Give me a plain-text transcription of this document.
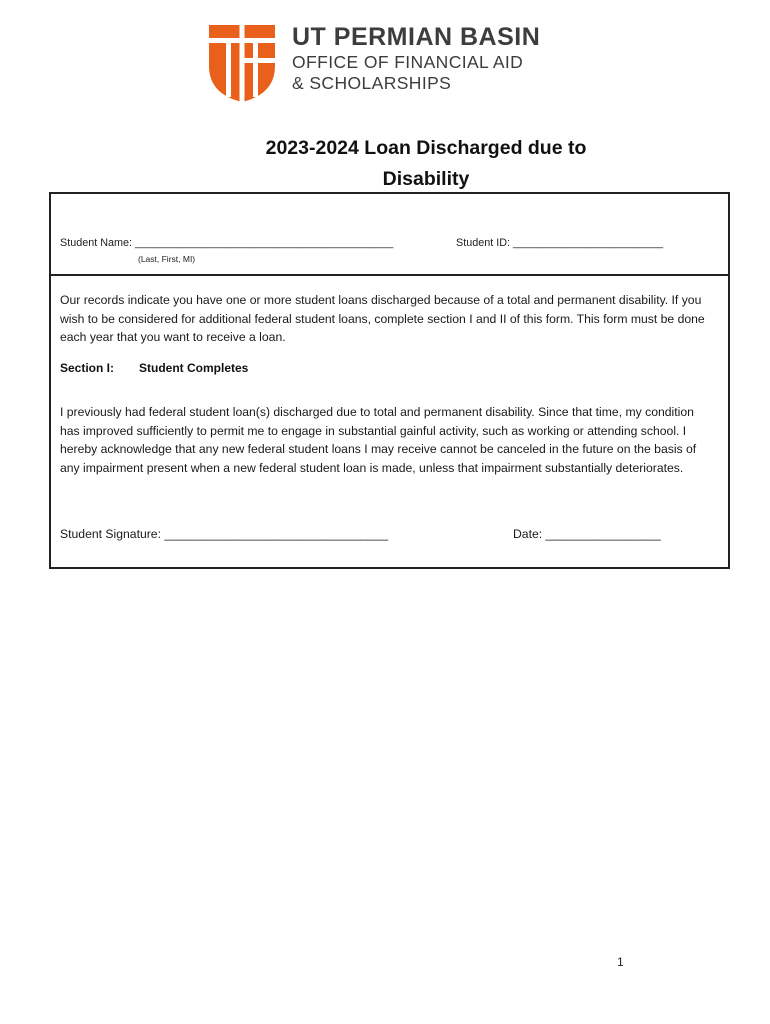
UT PERMIAN BASIN
OFFICE OF FINANCIAL AID
& SCHOLARSHIPS
2023-2024 Loan Discharged due to
Disability
Student Name: ___________________________________________
(Last, First, MI)
Student ID: _________________________

Our records indicate you have one or more student loans discharged because of a total and permanent disability. If you wish to be considered for additional federal student loans, complete section I and II of this form. This form must be done each year that you want to receive a loan.

Section I: Student Completes

I previously had federal student loan(s) discharged due to total and permanent disability. Since that time, my condition has improved sufficiently to permit me to engage in substantial gainful activity, such as working or attending school. I hereby acknowledge that any new federal student loans I may receive cannot be canceled in the future on the basis of any impairment present when a new federal student loan is made, unless that impairment substantially deteriorates.

Student Signature: _________________________________	Date: _________________
1
